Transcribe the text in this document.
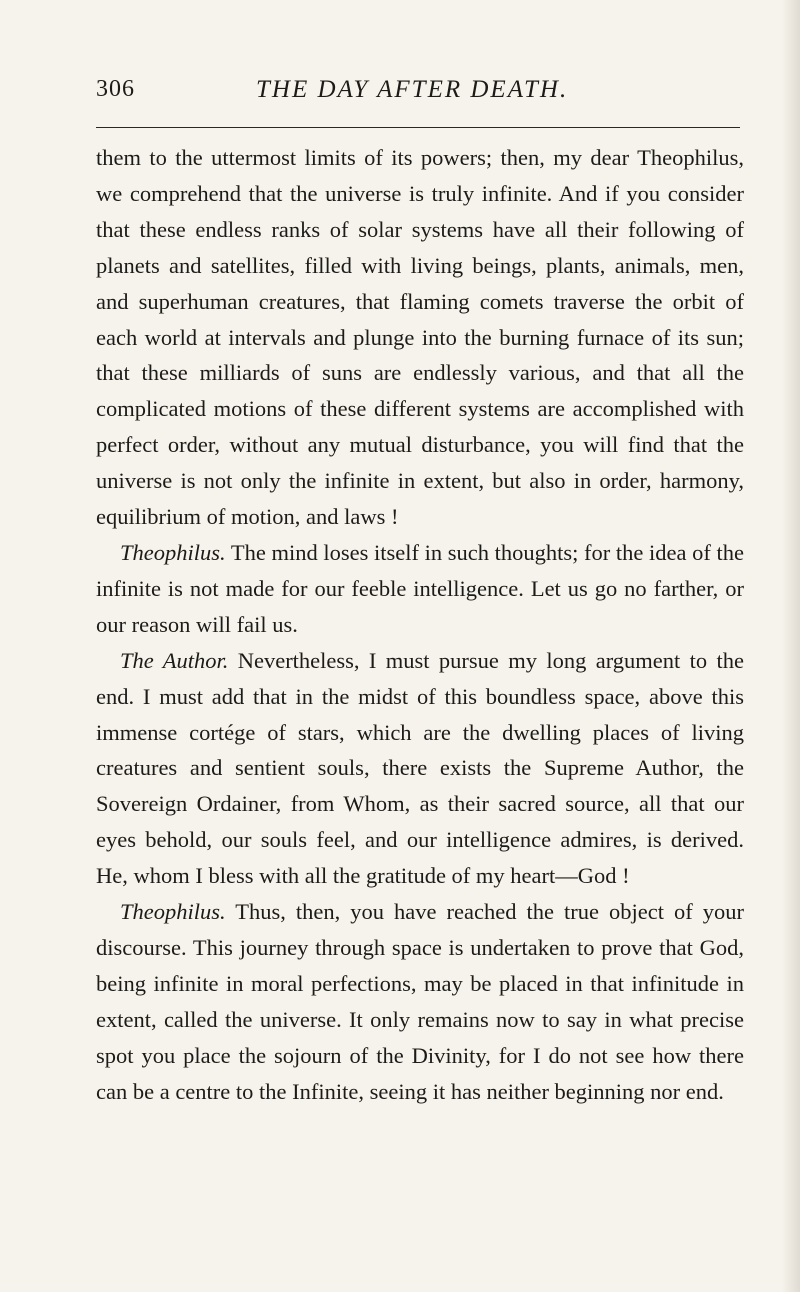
306	THE DAY AFTER DEATH.

them to the uttermost limits of its powers; then, my dear Theophilus, we comprehend that the universe is truly infinite. And if you consider that these endless ranks of solar systems have all their following of planets and satellites, filled with living beings, plants, animals, men, and superhuman creatures, that flaming comets traverse the orbit of each world at intervals and plunge into the burning furnace of its sun; that these milliards of suns are endlessly various, and that all the complicated motions of these different systems are accomplished with perfect order, without any mutual disturbance, you will find that the universe is not only the infinite in extent, but also in order, harmony, equilibrium of motion, and laws !

Theophilus. The mind loses itself in such thoughts; for the idea of the infinite is not made for our feeble intelligence. Let us go no farther, or our reason will fail us.

The Author. Nevertheless, I must pursue my long argument to the end. I must add that in the midst of this boundless space, above this immense cortége of stars, which are the dwelling places of living creatures and sentient souls, there exists the Supreme Author, the Sovereign Ordainer, from Whom, as their sacred source, all that our eyes behold, our souls feel, and our intelligence admires, is derived. He, whom I bless with all the gratitude of my heart—God !

Theophilus. Thus, then, you have reached the true object of your discourse. This journey through space is undertaken to prove that God, being infinite in moral perfections, may be placed in that infinitude in extent, called the universe. It only remains now to say in what precise spot you place the sojourn of the Divinity, for I do not see how there can be a centre to the Infinite, seeing it has neither beginning nor end.
